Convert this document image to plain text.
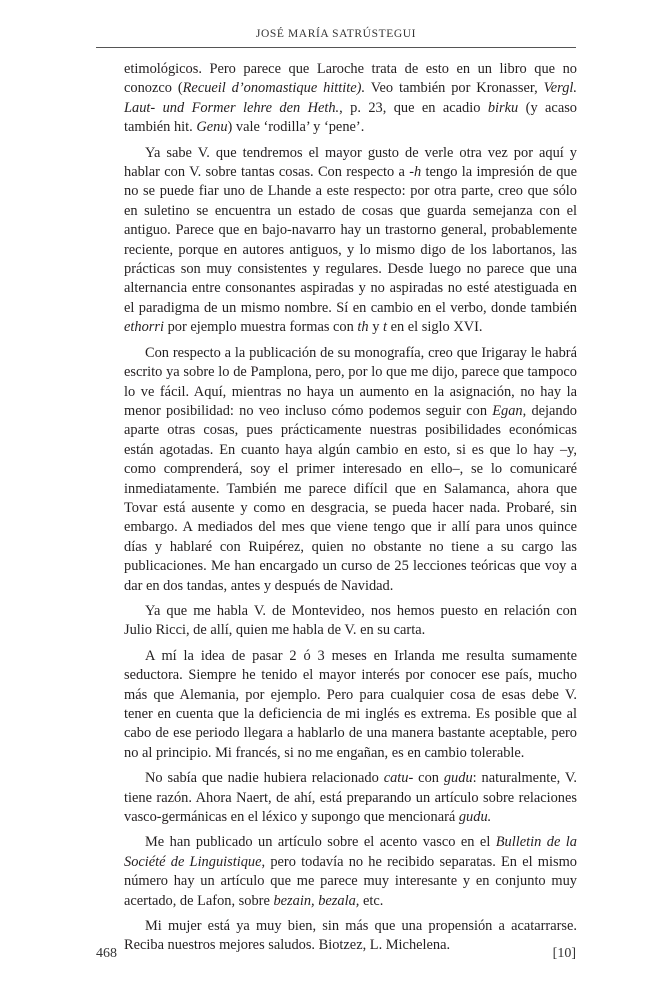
JOSÉ MARÍA SATRÚSTEGUI

etimológicos. Pero parece que Laroche trata de esto en un libro que no conozco (Recueil d’onomastique hittite). Veo también por Kronasser, Vergl. Laut- und Former lehre den Heth., p. 23, que en acadio birku (y acaso también hit. Genu) vale ‘rodilla’ y ‘pene’.

Ya sabe V. que tendremos el mayor gusto de verle otra vez por aquí y hablar con V. sobre tantas cosas. Con respecto a -h tengo la impresión de que no se puede fiar uno de Lhande a este respecto: por otra parte, creo que sólo en suletino se encuentra un estado de cosas que guarda semejanza con el antiguo. Parece que en bajo-navarro hay un trastorno general, probablemente reciente, porque en autores antiguos, y lo mismo digo de los labortanos, las prácticas son muy consistentes y regulares. Desde luego no parece que una alternancia entre consonantes aspiradas y no aspiradas no esté atestiguada en el paradigma de un mismo nombre. Sí en cambio en el verbo, donde también ethorri por ejemplo muestra formas con th y t en el siglo XVI.

Con respecto a la publicación de su monografía, creo que Irigaray le habrá escrito ya sobre lo de Pamplona, pero, por lo que me dijo, parece que tampoco lo ve fácil. Aquí, mientras no haya un aumento en la asignación, no hay la menor posibilidad: no veo incluso cómo podemos seguir con Egan, dejando aparte otras cosas, pues prácticamente nuestras posibilidades económicas están agotadas. En cuanto haya algún cambio en esto, si es que lo hay –y, como comprenderá, soy el primer interesado en ello–, se lo comunicaré inmediatamente. También me parece difícil que en Salamanca, ahora que Tovar está ausente y como en desgracia, se pueda hacer nada. Probaré, sin embargo. A mediados del mes que viene tengo que ir allí para unos quince días y hablaré con Ruipérez, quien no obstante no tiene a su cargo las publicaciones. Me han encargado un curso de 25 lecciones teóricas que voy a dar en dos tandas, antes y después de Navidad.

Ya que me habla V. de Montevideo, nos hemos puesto en relación con Julio Ricci, de allí, quien me habla de V. en su carta.

A mí la idea de pasar 2 ó 3 meses en Irlanda me resulta sumamente seductora. Siempre he tenido el mayor interés por conocer ese país, mucho más que Alemania, por ejemplo. Pero para cualquier cosa de esas debe V. tener en cuenta que la deficiencia de mi inglés es extrema. Es posible que al cabo de ese periodo llegara a hablarlo de una manera bastante aceptable, pero no al principio. Mi francés, si no me engañan, es en cambio tolerable.

No sabía que nadie hubiera relacionado catu- con gudu: naturalmente, V. tiene razón. Ahora Naert, de ahí, está preparando un artículo sobre relaciones vasco-germánicas en el léxico y supongo que mencionará gudu.

Me han publicado un artículo sobre el acento vasco en el Bulletin de la Société de Linguistique, pero todavía no he recibido separatas. En el mismo número hay un artículo que me parece muy interesante y en conjunto muy acertado, de Lafon, sobre bezain, bezala, etc.

Mi mujer está ya muy bien, sin más que una propensión a acatarrarse. Reciba nuestros mejores saludos. Biotzez, L. Michelena.

468	[10]
